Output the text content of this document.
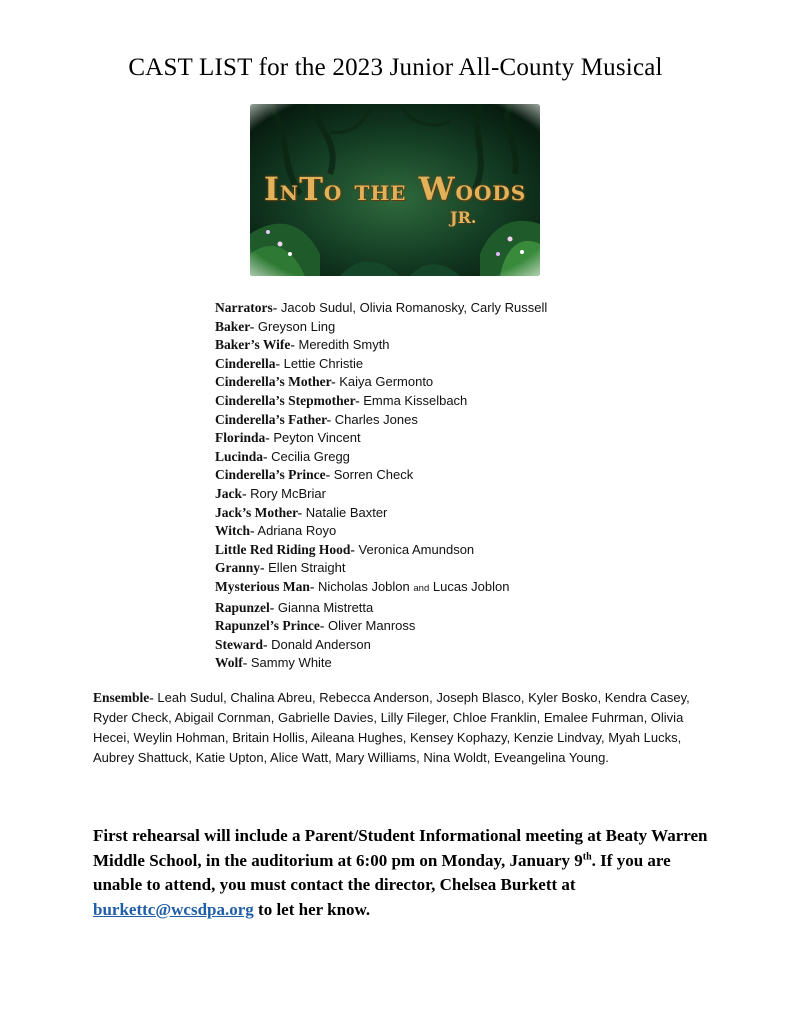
CAST LIST for the 2023 Junior All-County Musical
INTO THE WOODS
JR.
Narrators- Jacob Sudul, Olivia Romanosky, Carly Russell
Baker- Greyson Ling
Baker’s Wife- Meredith Smyth
Cinderella- Lettie Christie
Cinderella’s Mother- Kaiya Germonto
Cinderella’s Stepmother- Emma Kisselbach
Cinderella’s Father- Charles Jones
Florinda- Peyton Vincent
Lucinda- Cecilia Gregg
Cinderella’s Prince- Sorren Check
Jack- Rory McBriar
Jack’s Mother- Natalie Baxter
Witch- Adriana Royo
Little Red Riding Hood- Veronica Amundson
Granny- Ellen Straight
Mysterious Man- Nicholas Joblon and Lucas Joblon
Rapunzel- Gianna Mistretta
Rapunzel’s Prince- Oliver Manross
Steward- Donald Anderson
Wolf- Sammy White
Ensemble- Leah Sudul, Chalina Abreu, Rebecca Anderson, Joseph Blasco, Kyler Bosko, Kendra Casey, Ryder Check, Abigail Cornman, Gabrielle Davies, Lilly Fileger, Chloe Franklin, Emalee Fuhrman, Olivia Hecei, Weylin Hohman, Britain Hollis, Aileana Hughes, Kensey Kophazy, Kenzie Lindvay, Myah Lucks, Aubrey Shattuck, Katie Upton, Alice Watt, Mary Williams, Nina Woldt, Eveangelina Young.
First rehearsal will include a Parent/Student Informational meeting at Beaty Warren Middle School, in the auditorium at 6:00 pm on Monday, January 9th. If you are unable to attend, you must contact the director, Chelsea Burkett at burkettc@wcsdpa.org to let her know.
